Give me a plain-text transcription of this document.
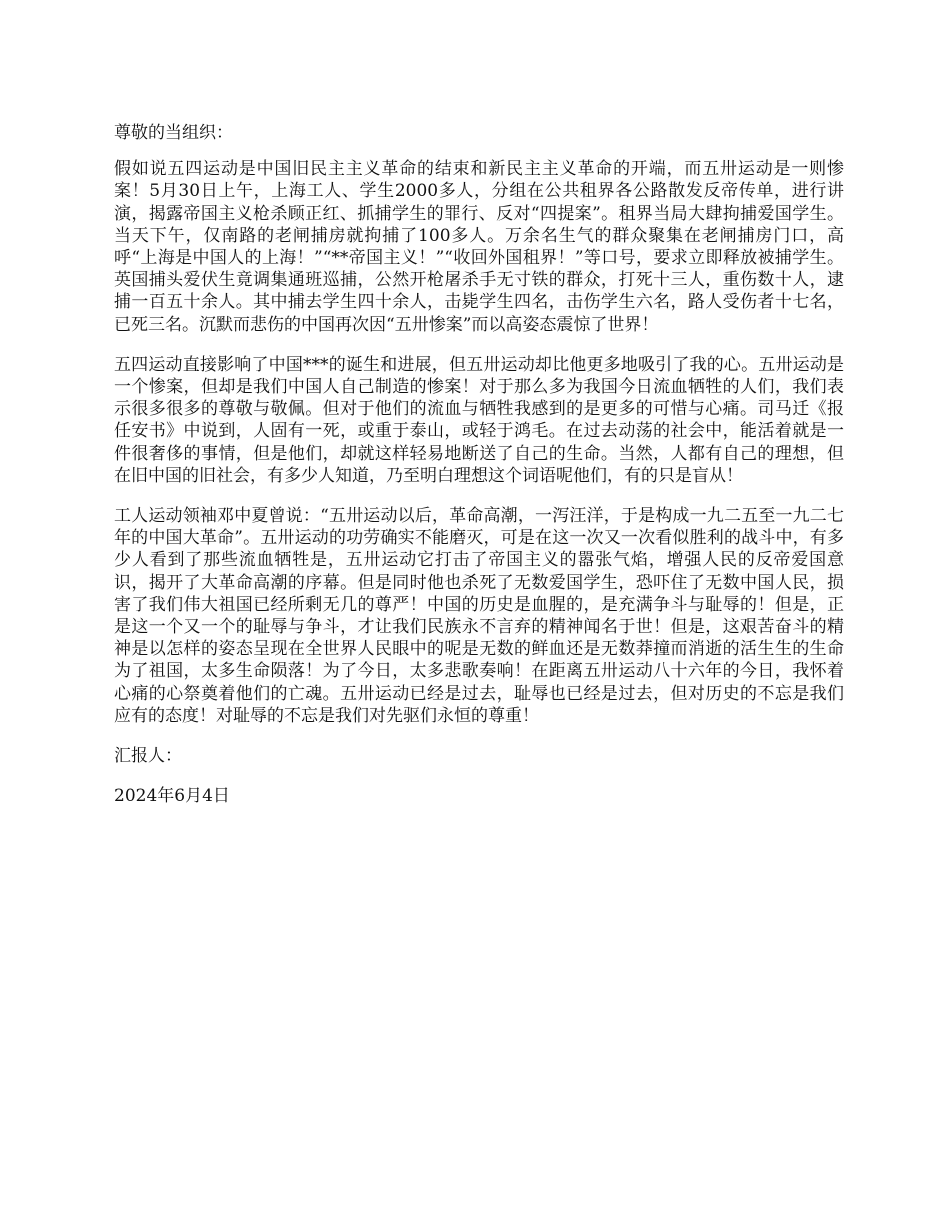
尊敬的当组织：

假如说五四运动是中国旧民主主义革命的结束和新民主主义革命的开端，而五卅运动是一则惨案！5月30日上午，上海工人、学生2000多人，分组在公共租界各公路散发反帝传单，进行讲演，揭露帝国主义枪杀顾正红、抓捕学生的罪行、反对“四提案”。租界当局大肆拘捕爱国学生。当天下午，仅南路的老闸捕房就拘捕了100多人。万余名生气的群众聚集在老闸捕房门口，高呼“上海是中国人的上海！”“**帝国主义！”“收回外国租界！”等口号，要求立即释放被捕学生。英国捕头爱伏生竟调集通班巡捕，公然开枪屠杀手无寸铁的群众，打死十三人，重伤数十人，逮捕一百五十余人。其中捕去学生四十余人，击毙学生四名，击伤学生六名，路人受伤者十七名，已死三名。沉默而悲伤的中国再次因“五卅惨案”而以高姿态震惊了世界！

五四运动直接影响了中国***的诞生和进展，但五卅运动却比他更多地吸引了我的心。五卅运动是一个惨案，但却是我们中国人自己制造的惨案！对于那么多为我国今日流血牺牲的人们，我们表示很多很多的尊敬与敬佩。但对于他们的流血与牺牲我感到的是更多的可惜与心痛。司马迁《报任安书》中说到，人固有一死，或重于泰山，或轻于鸿毛。在过去动荡的社会中，能活着就是一件很奢侈的事情，但是他们，却就这样轻易地断送了自己的生命。当然，人都有自己的理想，但在旧中国的旧社会，有多少人知道，乃至明白理想这个词语呢他们，有的只是盲从！

工人运动领袖邓中夏曾说：“五卅运动以后，革命高潮，一泻汪洋，于是构成一九二五至一九二七年的中国大革命”。五卅运动的功劳确实不能磨灭，可是在这一次又一次看似胜利的战斗中，有多少人看到了那些流血牺牲是，五卅运动它打击了帝国主义的嚣张气焰，增强人民的反帝爱国意识，揭开了大革命高潮的序幕。但是同时他也杀死了无数爱国学生，恐吓住了无数中国人民，损害了我们伟大祖国已经所剩无几的尊严！中国的历史是血腥的，是充满争斗与耻辱的！但是，正是这一个又一个的耻辱与争斗，才让我们民族永不言弃的精神闻名于世！但是，这艰苦奋斗的精神是以怎样的姿态呈现在全世界人民眼中的呢是无数的鲜血还是无数莽撞而消逝的活生生的生命为了祖国，太多生命陨落！为了今日，太多悲歌奏响！在距离五卅运动八十六年的今日，我怀着心痛的心祭奠着他们的亡魂。五卅运动已经是过去，耻辱也已经是过去，但对历史的不忘是我们应有的态度！对耻辱的不忘是我们对先驱们永恒的尊重！

汇报人：

2024年6月4日
